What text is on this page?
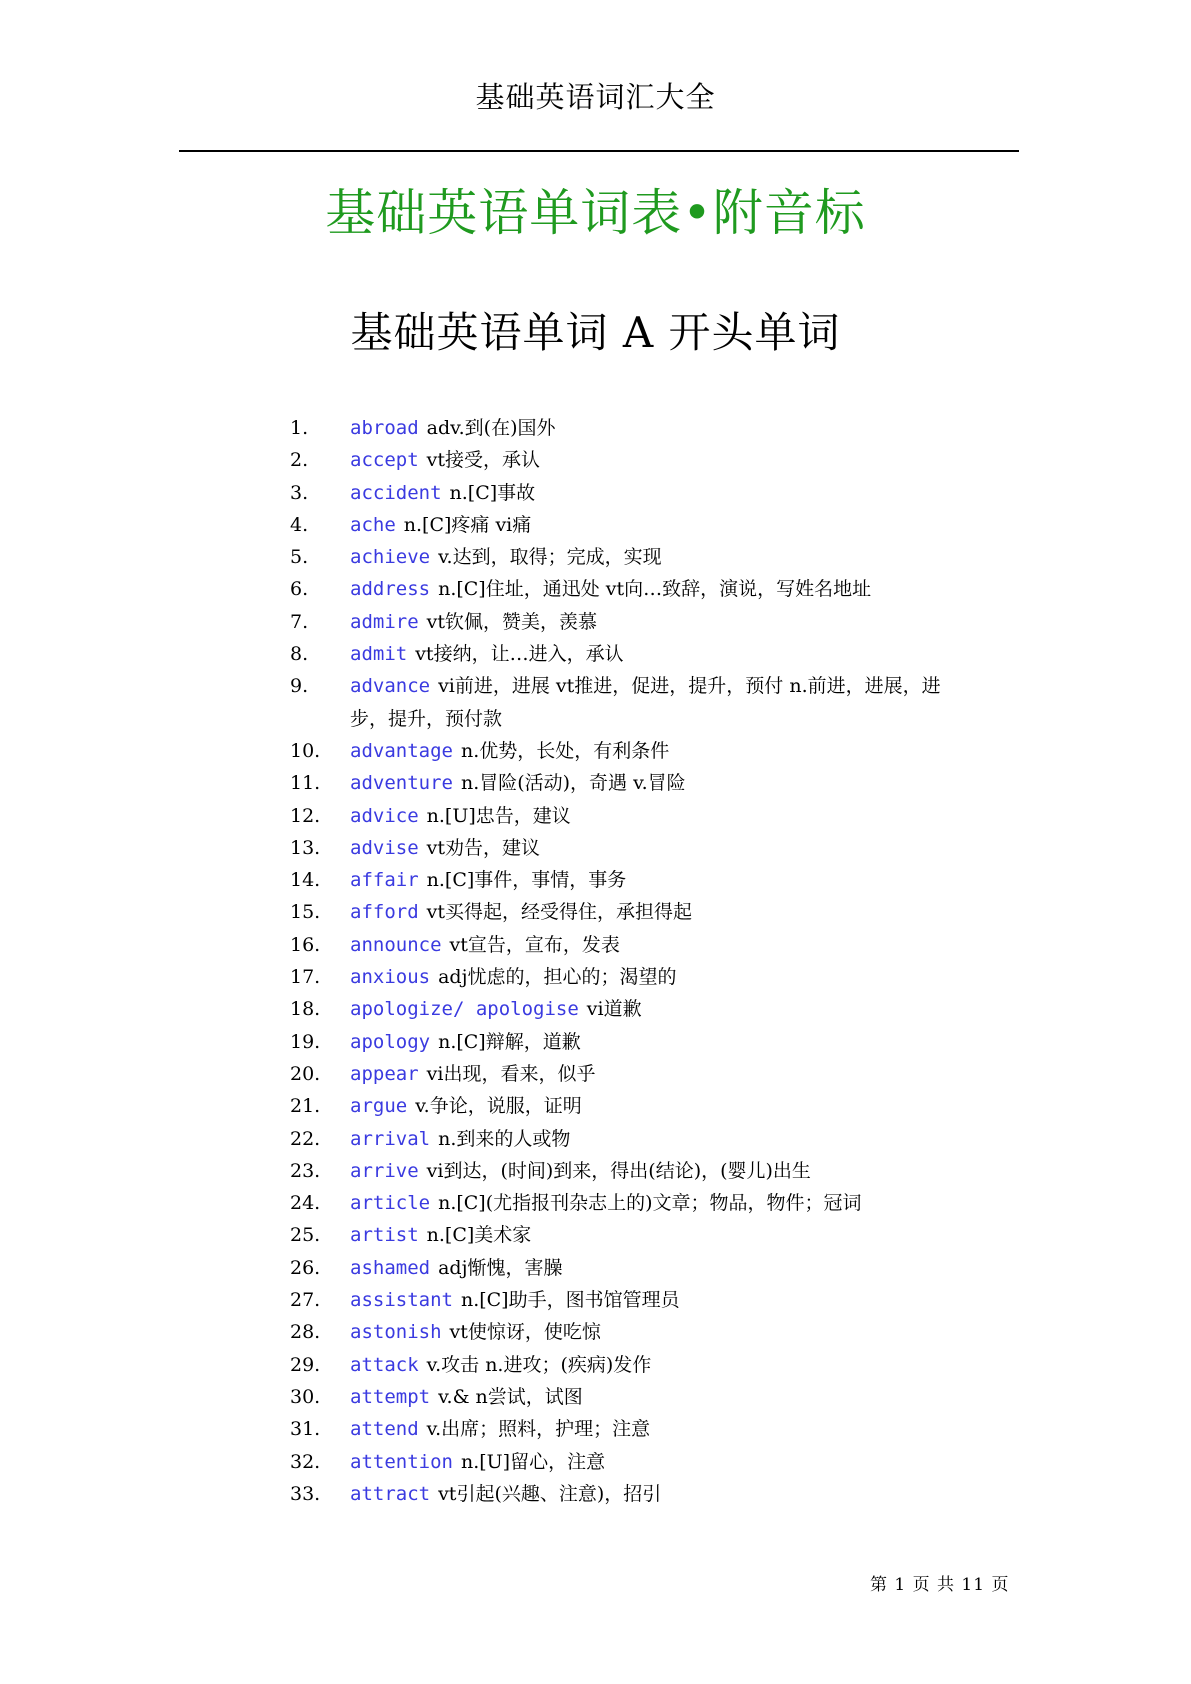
基础英语词汇大全
基础英语单词表•附音标
基础英语单词 A 开头单词
1.	abroad adv.到(在)国外
2.	accept vt接受，承认
3.	accident n.[C]事故
4.	ache n.[C]疼痛 vi痛
5.	achieve v.达到，取得；完成，实现
6.	address n.[C]住址，通迅处 vt向…致辞，演说，写姓名地址
7.	admire vt钦佩，赞美，羡慕
8.	admit vt接纳，让…进入，承认
9.	advance vi前进，进展 vt推进，促进，提升，预付 n.前进，进展，进步，提升，预付款
10.	advantage n.优势，长处，有利条件
11.	adventure n.冒险(活动)，奇遇 v.冒险
12.	advice n.[U]忠告，建议
13.	advise vt劝告，建议
14.	affair n.[C]事件，事情，事务
15.	afford vt买得起，经受得住，承担得起
16.	announce vt宣告，宣布，发表
17.	anxious adj忧虑的，担心的；渴望的
18.	apologize/ apologise vi道歉
19.	apology n.[C]辩解，道歉
20.	appear vi出现，看来，似乎
21.	argue v.争论，说服，证明
22.	arrival n.到来的人或物
23.	arrive vi到达，(时间)到来，得出(结论)，(婴儿)出生
24.	article n.[C](尤指报刊杂志上的)文章；物品，物件；冠词
25.	artist n.[C]美术家
26.	ashamed adj惭愧，害臊
27.	assistant n.[C]助手，图书馆管理员
28.	astonish vt使惊讶，使吃惊
29.	attack v.攻击 n.进攻；(疾病)发作
30.	attempt v.& n尝试，试图
31.	attend v.出席；照料，护理；注意
32.	attention n.[U]留心，注意
33.	attract vt引起(兴趣、注意)，招引
第 1 页 共 11 页
